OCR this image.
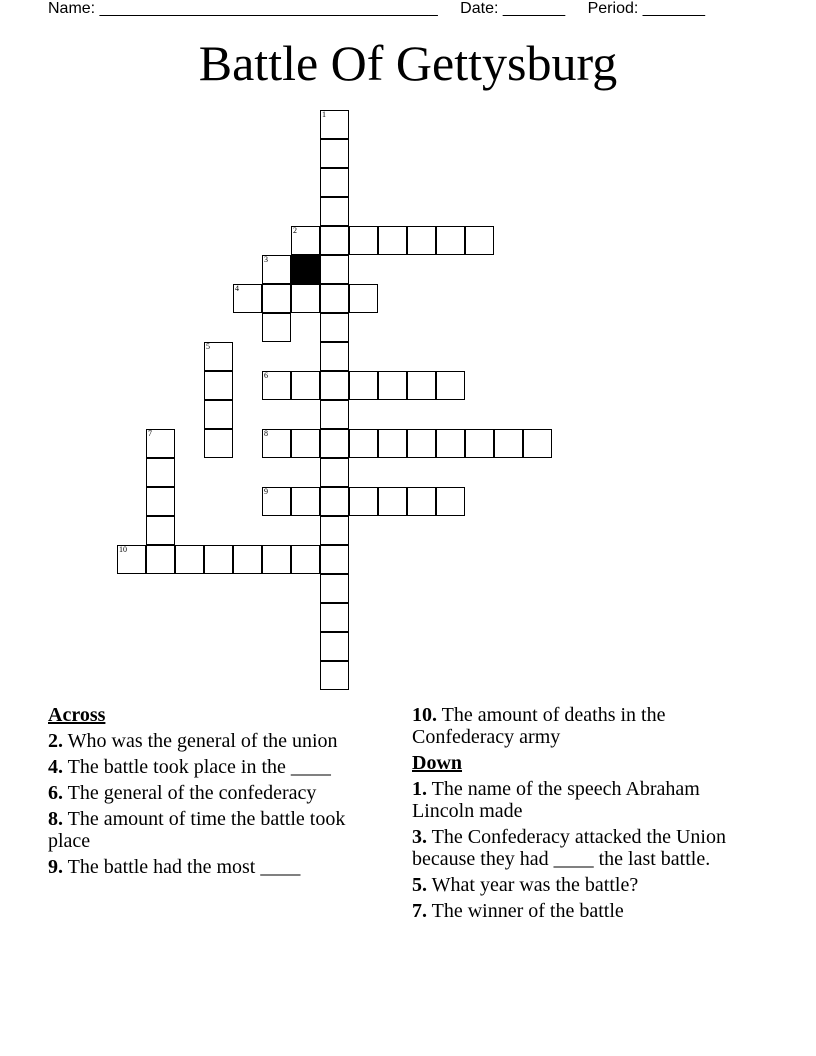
Name: ______________________________________ Date: _______ Period: _______
Battle Of Gettysburg
1
2
3
4
5
6
7	8
9
10
Across
2. Who was the general of the union
4. The battle took place in the ____
6. The general of the confederacy
8. The amount of time the battle took place
9. The battle had the most ____
10. The amount of deaths in the Confederacy army
Down
1. The name of the speech Abraham Lincoln made
3. The Confederacy attacked the Union because they had ____ the last battle.
5. What year was the battle?
7. The winner of the battle
